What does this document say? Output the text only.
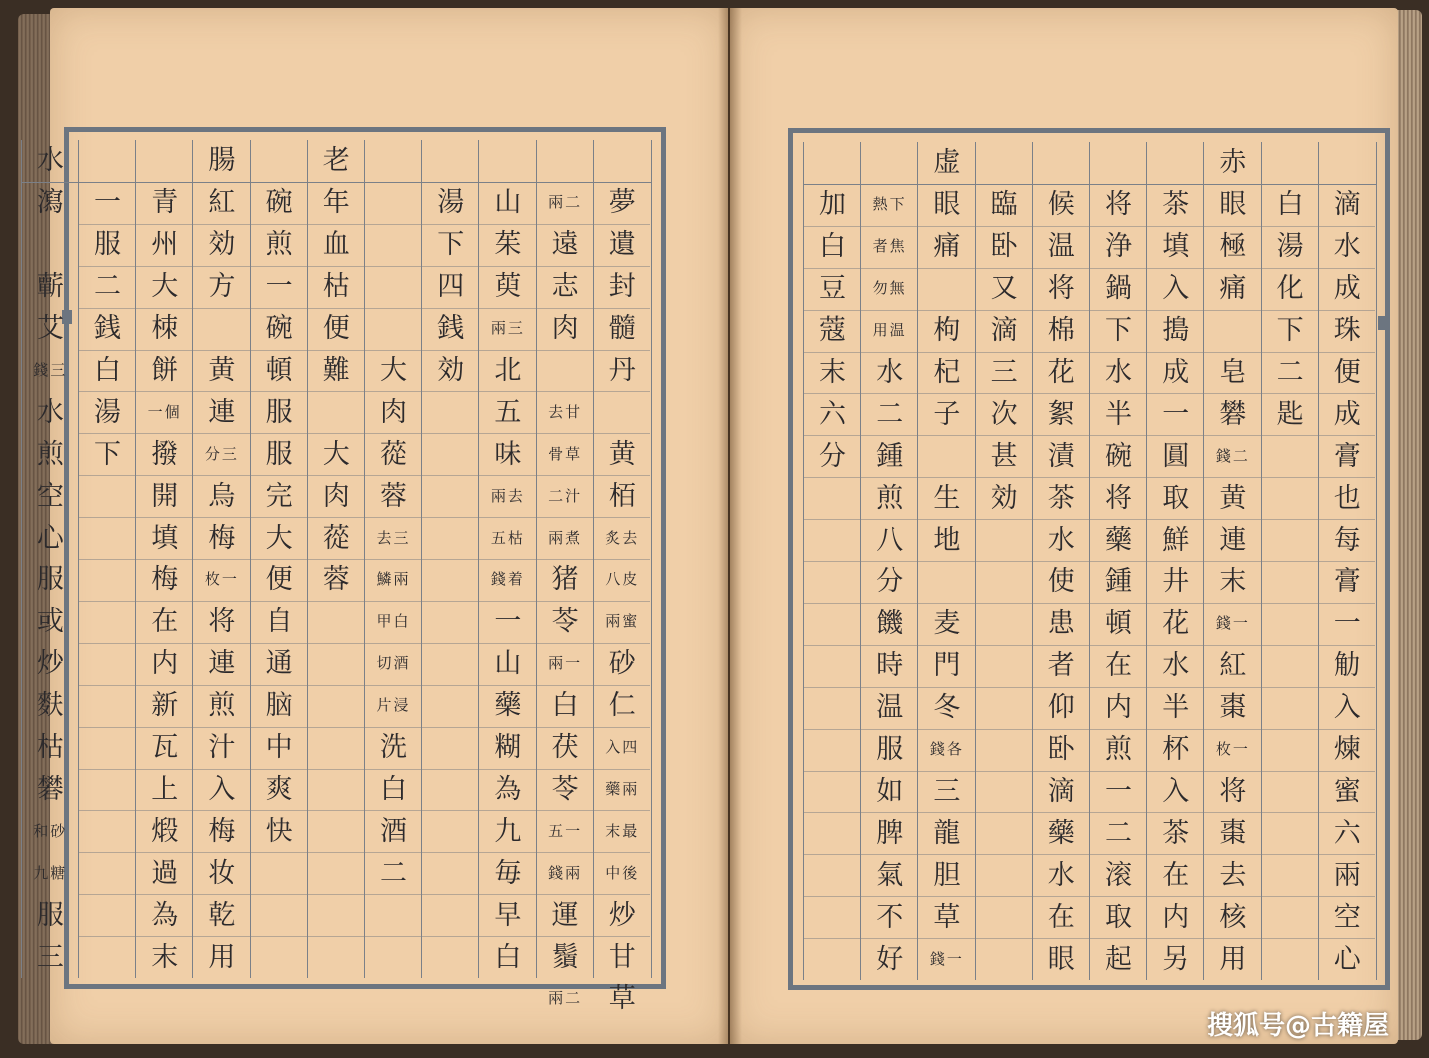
夢
遺
封
髓
丹
黄
栢
炙去
八皮
兩蜜
砂
仁
入四
藥兩
末最
中後
炒
甘
草
兩二
遠
志
肉
去甘
骨草
二汁
兩煮
猪
苓
兩一
白
茯
苓
五一
錢兩
運
鬚
兩二
山
茱
萸
兩三
北
五
味
兩去
五枯
錢着
一
山
藥
糊
為
九
毎
早
白
湯
下
四
銭
効
大
肉
蓯
蓉
去三
鱗兩
甲白
切酒
片浸
洗
白
酒
二
老
年
血
枯
便
難
大
肉
蓯
蓉
碗
煎
一
碗
頓
服
服
完
大
便
自
通
脑
中
爽
快
腸
紅
効
方
黄
連
分三
烏
梅
枚一
将
連
煎
汁
入
梅
妆
乾
用
青
州
大
栜
餅
一個
撥
開
填
梅
在
内
新
瓦
上
煅
過
為
末
一
服
二
銭
白
湯
下
水
瀉
蘄
艾
錢三
水
煎
空
心
服
或
炒
麩
枯
礬
和砂
九糖
服
三
滴
水
成
珠
便
成
膏
也
每
膏
一
觔
入
煉
蜜
六
兩
空
心
白
湯
化
下
二
匙
赤
眼
極
痛
皂
礬
錢二
黄
連
末
錢一
紅
棗
枚一
将
棗
去
核
用
茶
填
入
搗
成
一
圓
取
鮮
井
花
水
半
杯
入
茶
在
内
另
将
浄
鍋
下
水
半
碗
将
藥
鍾
頓
在
内
煎
一
二
滚
取
起
候
温
将
棉
花
絮
漬
茶
水
使
患
者
仰
卧
滴
藥
水
在
眼
臨
卧
又
滴
三
次
甚
効
虚
眼
痛
枸
杞
子
生
地
麦
門
冬
錢各
三
龍
胆
草
錢一
熱下
者焦
勿無
用温
水
二
鍾
煎
八
分
饑
時
温
服
如
脾
氣
不
好
加
白
豆
蔻
末
六
分
搜狐号@古籍屋
